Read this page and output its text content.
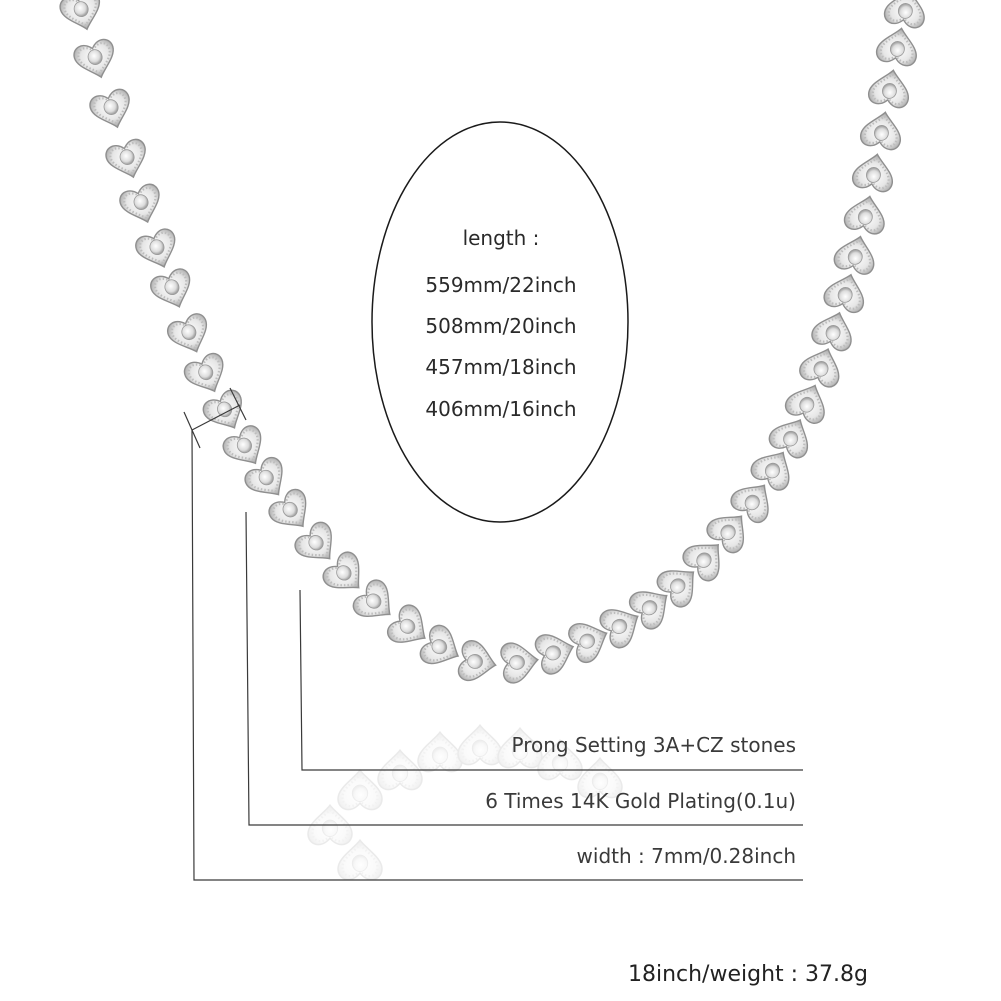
length :
559mm/22inch
508mm/20inch
457mm/18inch
406mm/16inch
Prong Setting 3A+CZ stones
6 Times 14K Gold Plating(0.1u)
width : 7mm/0.28inch
18inch/weight : 37.8g
